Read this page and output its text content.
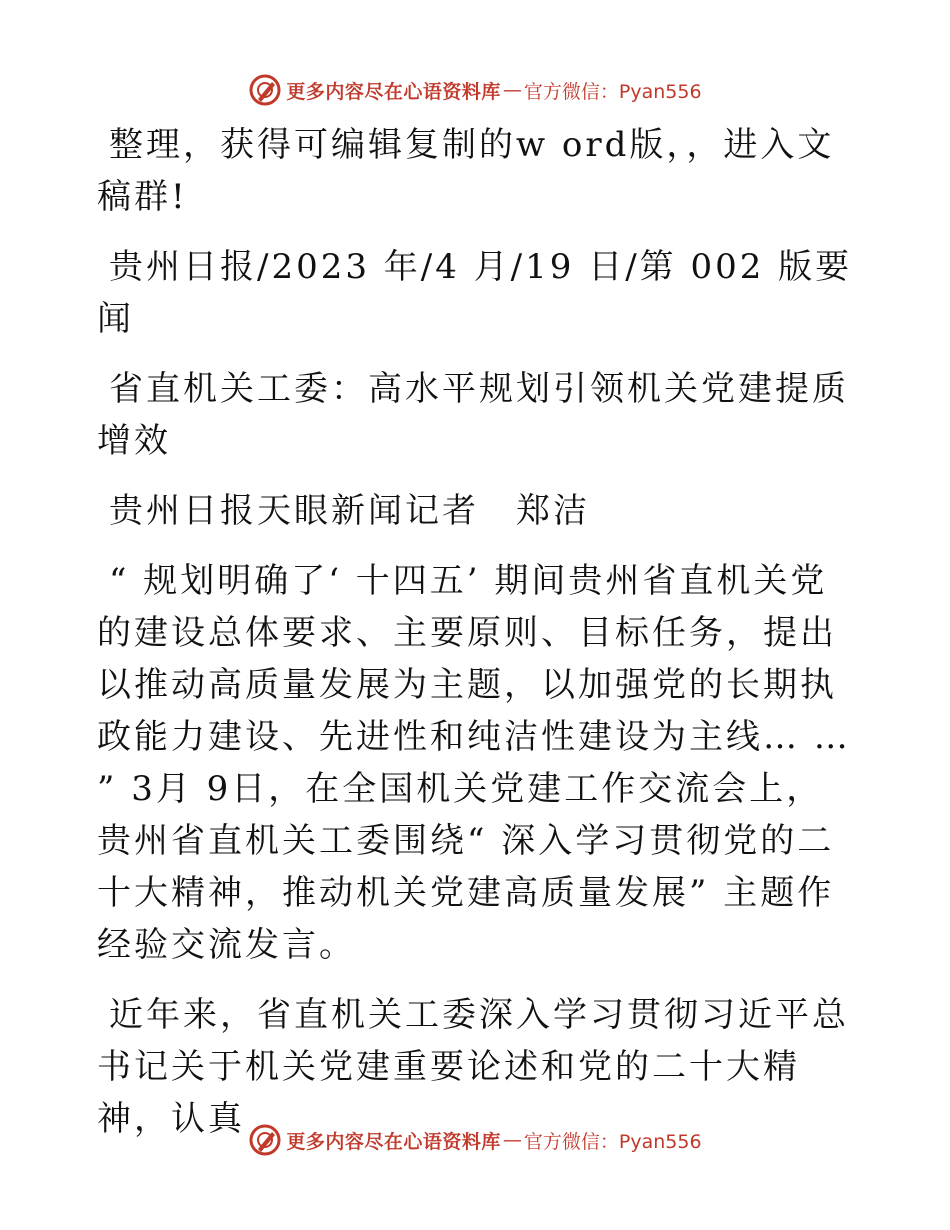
更多内容尽在心语资料库 — 官方微信：Pyan556

整理，获得可编辑复制的w ord版，，进入文稿群!

贵州日报/2023 年/4 月/19 日/第 002 版要闻

省直机关工委：高水平规划引领机关党建提质增效

贵州日报天眼新闻记者　郑洁

“ 规划明确了‘ 十四五’ 期间贵州省直机关党的建设总体要求、主要原则、目标任务，提出以推动高质量发展为主题，以加强党的长期执政能力建设、先进性和纯洁性建设为主线… … ” 3月 9日，在全国机关党建工作交流会上，贵州省直机关工委围绕“ 深入学习贯彻党的二十大精神，推动机关党建高质量发展” 主题作经验交流发言。

近年来，省直机关工委深入学习贯彻习近平总书记关于机关党建重要论述和党的二十大精神，认真

更多内容尽在心语资料库 — 官方微信：Pyan556
